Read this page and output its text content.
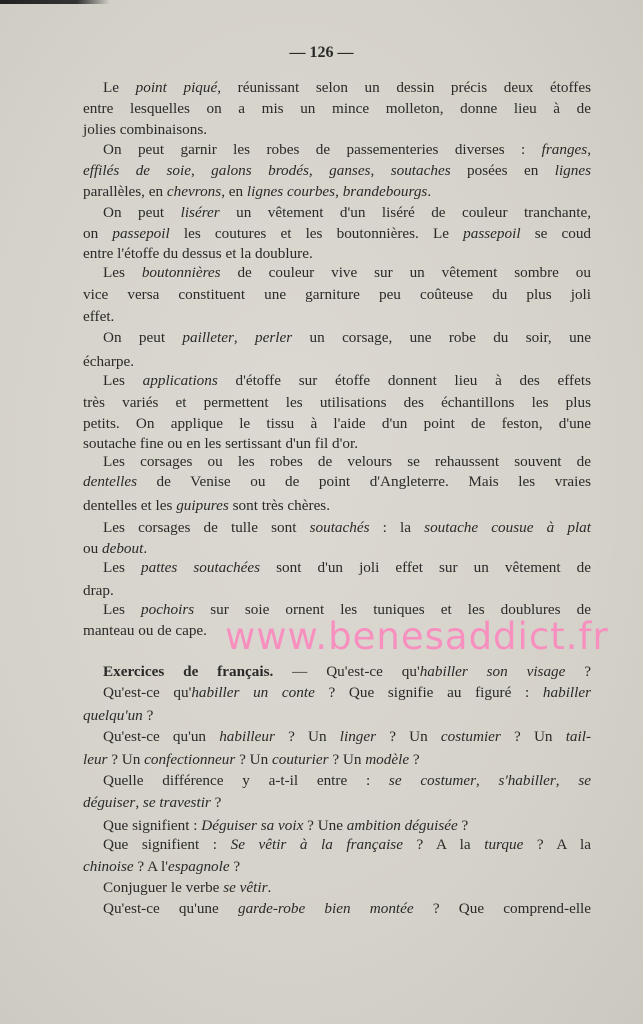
— 126 —
Le point piqué, réunissant selon un dessin précis deux étoffes
entre lesquelles on a mis un mince molleton, donne lieu à de
jolies combinaisons.
On peut garnir les robes de passementeries diverses : franges,
effilés de soie, galons brodés, ganses, soutaches posées en lignes
parallèles, en chevrons, en lignes courbes, brandebourgs.
On peut lisérer un vêtement d'un liséré de couleur tranchante,
on passepoil les coutures et les boutonnières. Le passepoil se coud
entre l'étoffe du dessus et la doublure.
Les boutonnières de couleur vive sur un vêtement sombre ou
vice versa constituent une garniture peu coûteuse du plus joli
effet.
On peut pailleter, perler un corsage, une robe du soir, une
écharpe.
Les applications d'étoffe sur étoffe donnent lieu à des effets
très variés et permettent les utilisations des échantillons les plus
petits. On applique le tissu à l'aide d'un point de feston, d'une
soutache fine ou en les sertissant d'un fil d'or.
Les corsages ou les robes de velours se rehaussent souvent de
dentelles de Venise ou de point d'Angleterre. Mais les vraies
dentelles et les guipures sont très chères.
Les corsages de tulle sont soutachés : la soutache cousue à plat
ou debout.
Les pattes soutachées sont d'un joli effet sur un vêtement de
drap.
Les pochoirs sur soie ornent les tuniques et les doublures de
manteau ou de cape.
Exercices de français. — Qu'est-ce qu'habiller son visage ?
Qu'est-ce qu'habiller un conte ? Que signifie au figuré : habiller
quelqu'un ?
Qu'est-ce qu'un habilleur ? Un linger ? Un costumier ? Un tail-
leur ? Un confectionneur ? Un couturier ? Un modèle ?
Quelle différence y a-t-il entre : se costumer, s'habiller, se
déguiser, se travestir ?
Que signifient : Déguiser sa voix ? Une ambition déguisée ?
Que signifient : Se vêtir à la française ? A la turque ? A la
chinoise ? A l'espagnole ?
Conjuguer le verbe se vêtir.
Qu'est-ce qu'une garde-robe bien montée ? Que comprend-elle
www.benesaddict.fr
